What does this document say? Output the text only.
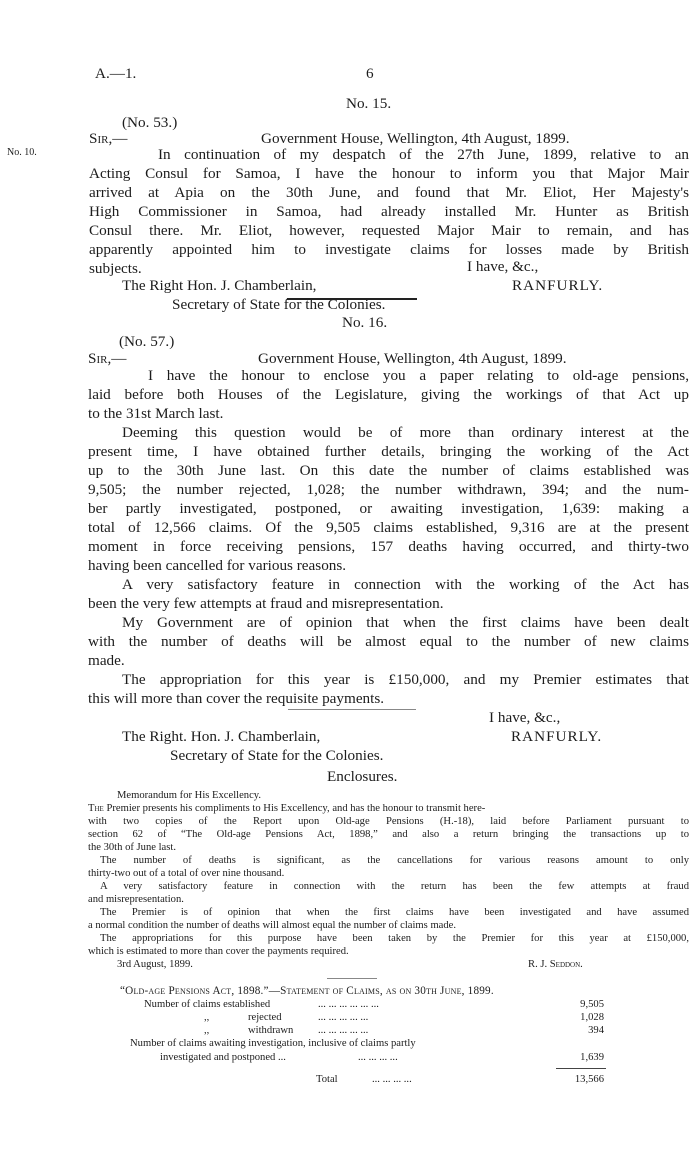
A.—1.	6
No. 15.
(No. 53.)
No. 10.
Sir,—	Government House, Wellington, 4th August, 1899.
In continuation of my despatch of the 27th June, 1899, relative to an
Acting Consul for Samoa, I have the honour to inform you that Major Mair
arrived at Apia on the 30th June, and found that Mr. Eliot, Her Majesty's
High Commissioner in Samoa, had already installed Mr. Hunter as British
Consul there. Mr. Eliot, however, requested Major Mair to remain, and has
apparently appointed him to investigate claims for losses made by British
subjects.	I have, &c.,
The Right Hon. J. Chamberlain,	RANFURLY.
Secretary of State for the Colonies.
No. 16.
(No. 57.)
Sir,—	Government House, Wellington, 4th August, 1899.
I have the honour to enclose you a paper relating to old-age pensions,
laid before both Houses of the Legislature, giving the workings of that Act up
to the 31st March last.
Deeming this question would be of more than ordinary interest at the
present time, I have obtained further details, bringing the working of the Act
up to the 30th June last. On this date the number of claims established was
9,505; the number rejected, 1,028; the number withdrawn, 394; and the num-
ber partly investigated, postponed, or awaiting investigation, 1,639: making a
total of 12,566 claims. Of the 9,505 claims established, 9,316 are at the present
moment in force receiving pensions, 157 deaths having occurred, and thirty-two
having been cancelled for various reasons.
A very satisfactory feature in connection with the working of the Act has
been the very few attempts at fraud and misrepresentation.
My Government are of opinion that when the first claims have been dealt
with the number of deaths will be almost equal to the number of new claims
made.
The appropriation for this year is £150,000, and my Premier estimates that
this will more than cover the requisite payments.
I have, &c.,
The Right. Hon. J. Chamberlain,	RANFURLY.
Secretary of State for the Colonies.
Enclosures.
Memorandum for His Excellency.
The Premier presents his compliments to His Excellency, and has the honour to transmit here-
with two copies of the Report upon Old-age Pensions (H.-18), laid before Parliament pursuant to
section 62 of “The Old-age Pensions Act, 1898,” and also a return bringing the transactions up to
the 30th of June last.
The number of deaths is significant, as the cancellations for various reasons amount to only
thirty-two out of a total of over nine thousand.
A very satisfactory feature in connection with the return has been the few attempts at fraud
and misrepresentation.
The Premier is of opinion that when the first claims have been investigated and have assumed
a normal condition the number of deaths will almost equal the number of claims made.
The appropriations for this purpose have been taken by the Premier for this year at £150,000,
which is estimated to more than cover the payments required.
3rd August, 1899.	R. J. Seddon.
“Old-age Pensions Act, 1898.”—Statement of Claims, as on 30th June, 1899.
Number of claims established	... ... ... ... ... ...	9,505
,,	rejected	... ... ... ... ...	1,028
,,	withdrawn ... ... ... ... ...	394
Number of claims awaiting investigation, inclusive of claims partly
investigated and postponed ...	... ... ... ...	1,639
Total	... ... ... ...	13,566
